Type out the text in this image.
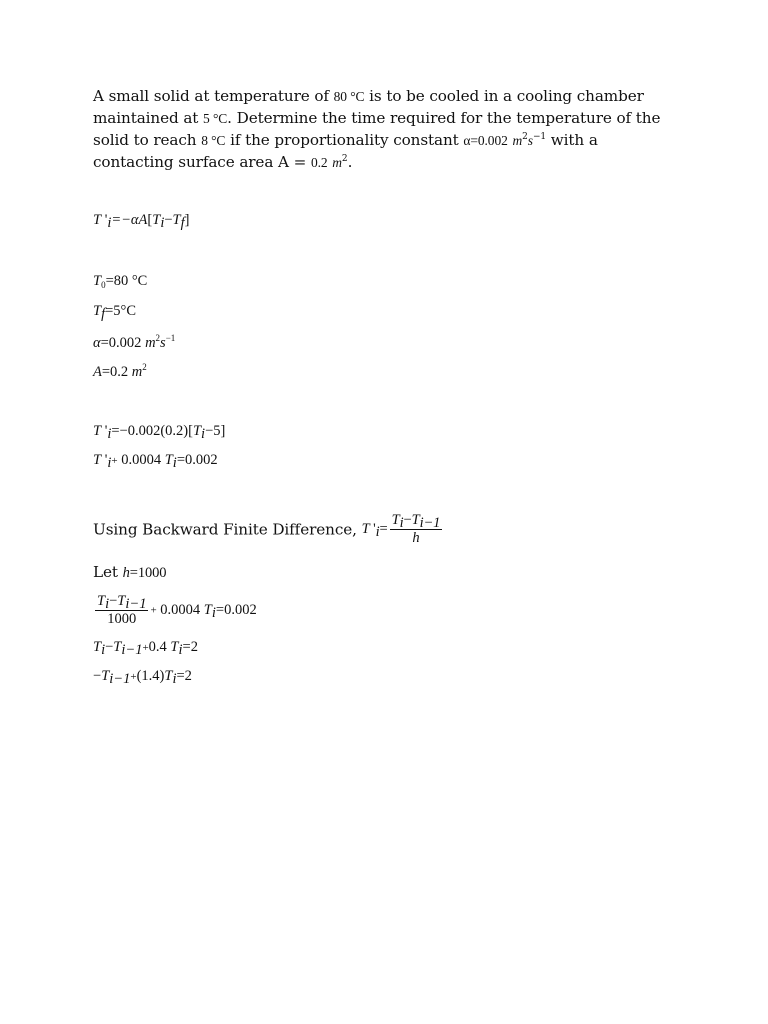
A small solid at temperature of 80 °C is to be cooled in a cooling chamber
maintained at 5 °C. Determine the time required for the temperature of the
solid to reach 8 °C if the proportionality constant α=0.002 $m^2s^{-1}$ with a
contacting surface area A = 0.2 $m^2$.
T '$_i=-\alpha A[T_i-T_f]$
$T_0=80$ °C
$T_f=5^\circ C$
α=0.002 $m^2s^{-1}$
A=0.2 $m^2$
T '$_i=-0.002(0.2)[T_i-5]$
T '$_i+ 0.0004$ $T_i=0.002$
Using Backward Finite Difference, T '$_i= \frac{T_i-T_{i-1}}{h}$
Let h=1000
$\frac{T_i-T_{i-1}}{1000} + 0.0004$ $T_i=0.002$
$T_i-T_{i-1}+0.4$ $T_i=2$
$-T_{i-1}+(1.4)T_i=2$
